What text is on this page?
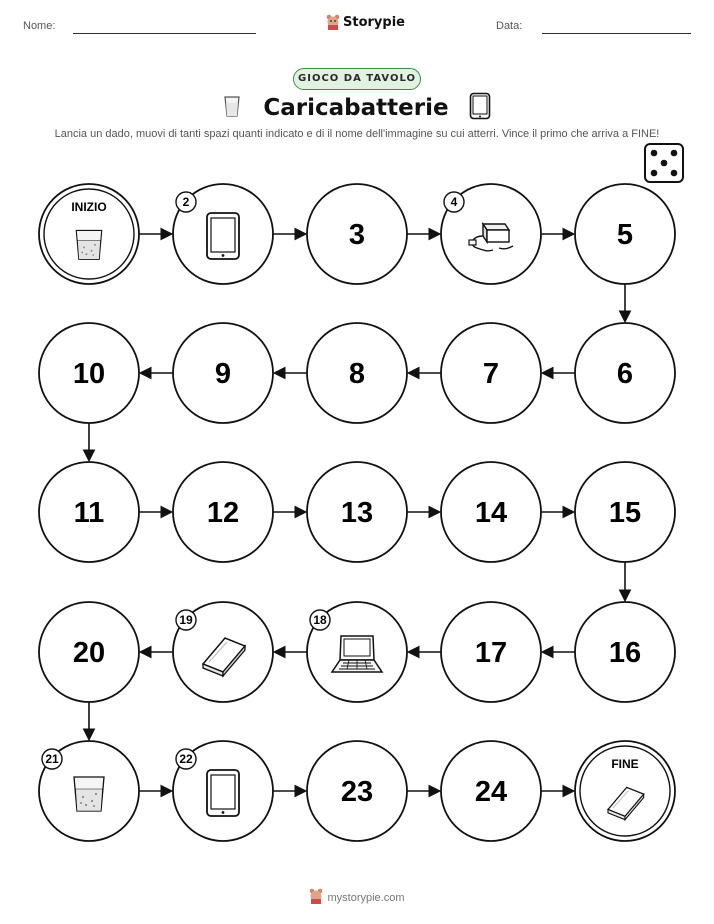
Nome:	Storypie	Data:
GIOCO DA TAVOLO
Caricabatterie
Lancia un dado, muovi di tanti spazi quanti indicato e di il nome dell'immagine su cui atterri. Vince il primo che arriva a FINE!
INIZIO	2
3
4
5
6
7
8
9
10
11	12	13	14	15
16
17
18
19
20
21	22
23	24
FINE
mystorypie.com
